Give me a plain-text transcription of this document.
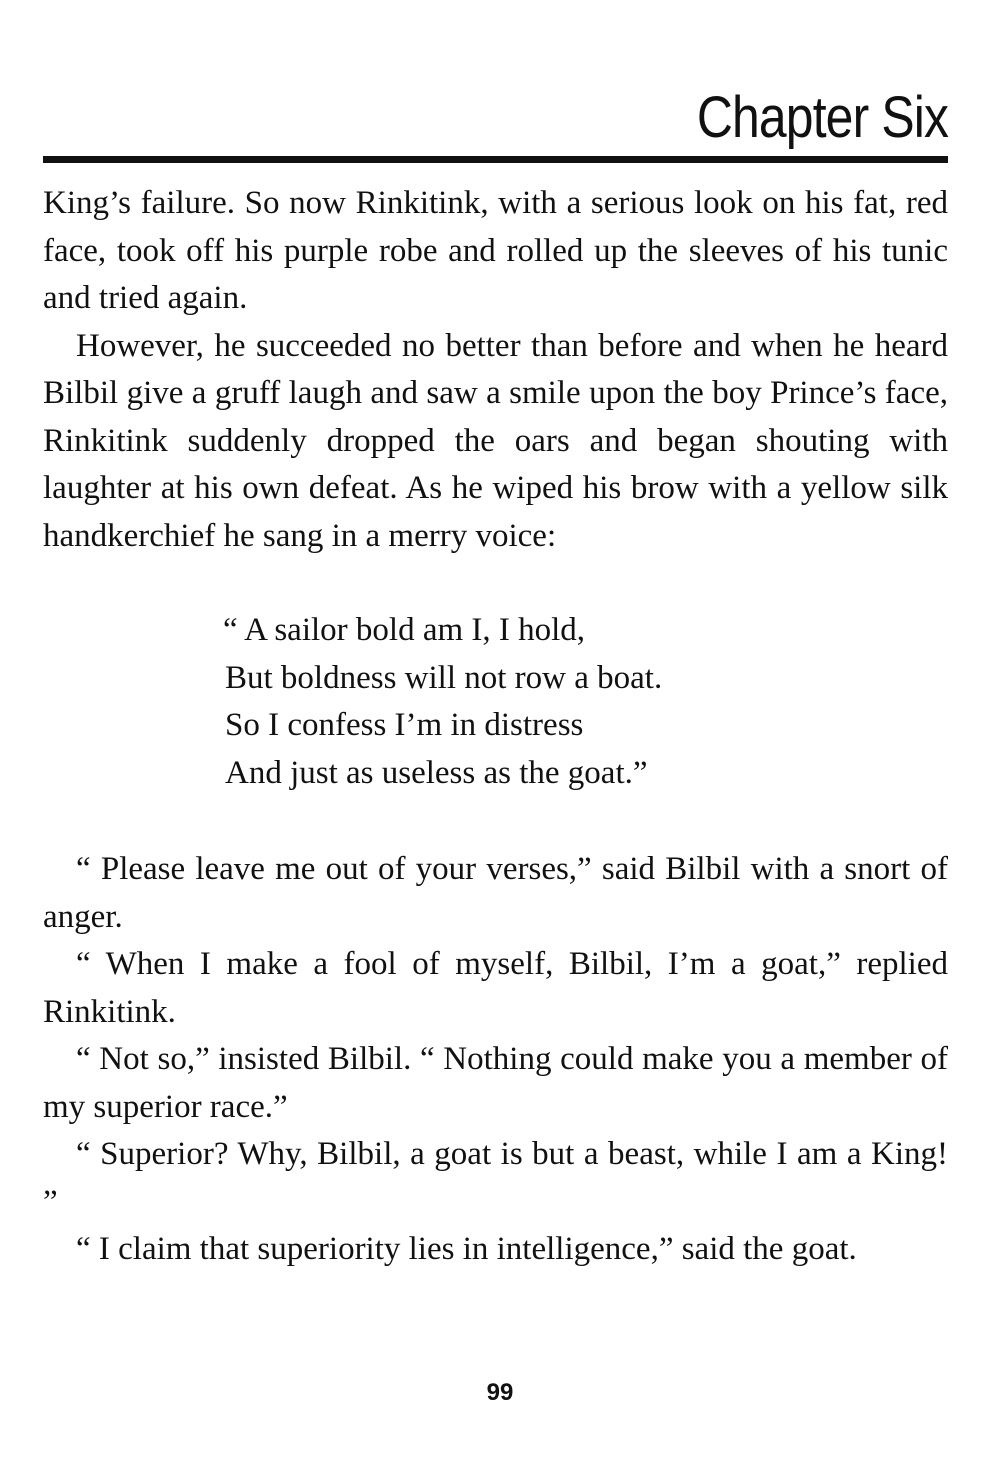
Chapter Six

King’s failure. So now Rinkitink, with a serious look on his fat, red face, took off his purple robe and rolled up the sleeves of his tunic and tried again.

However, he succeeded no better than before and when he heard Bilbil give a gruff laugh and saw a smile upon the boy Prince’s face, Rinkitink suddenly dropped the oars and began shouting with laughter at his own defeat. As he wiped his brow with a yellow silk handkerchief he sang in a merry voice:

“ A sailor bold am I, I hold,
But boldness will not row a boat.
So I confess I’m in distress
And just as useless as the goat.”

“ Please leave me out of your verses,” said Bilbil with a snort of anger.

“ When I make a fool of myself, Bilbil, I’m a goat,” replied Rinkitink.

“ Not so,” insisted Bilbil. “ Nothing could make you a member of my superior race.”

“ Superior? Why, Bilbil, a goat is but a beast, while I am a King! ”

“ I claim that superiority lies in intelligence,” said the goat.

99
